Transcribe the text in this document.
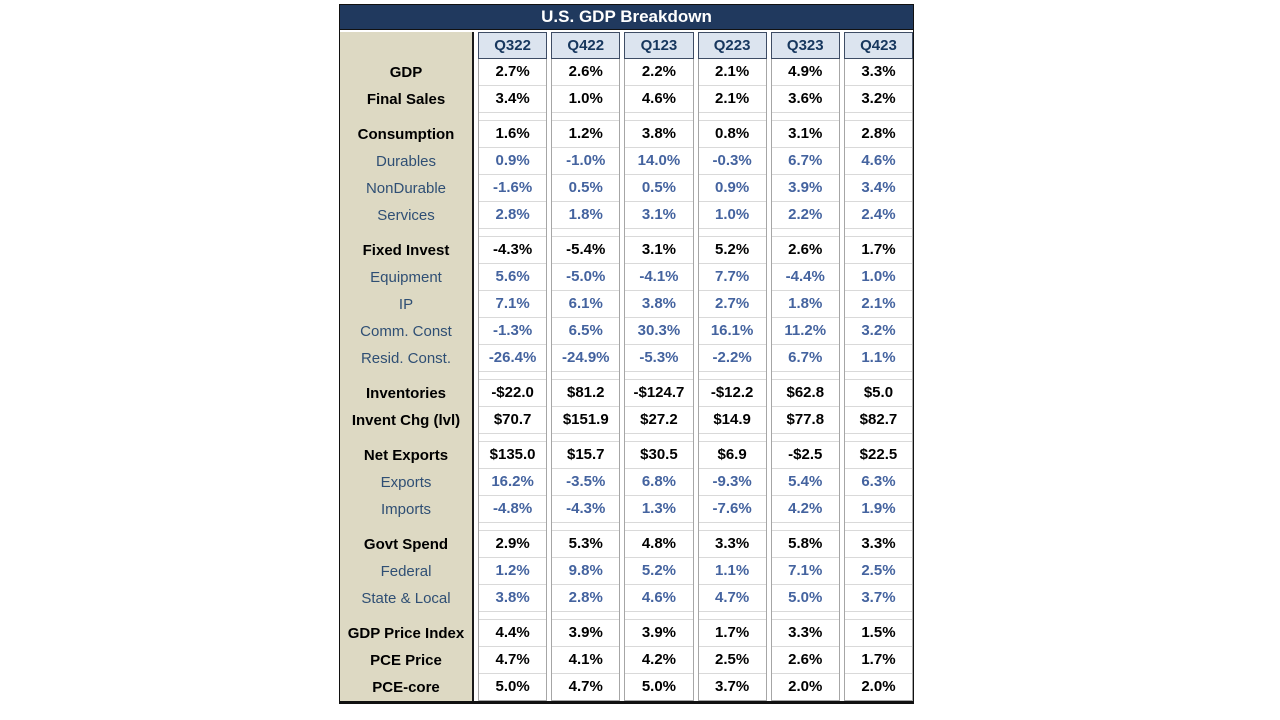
U.S. GDP Breakdown
GDP
Final Sales
Consumption
Durables
NonDurable
Services
Fixed Invest
Equipment
IP
Comm. Const
Resid. Const.
Inventories
Invent Chg (lvl)
Net Exports
Exports
Imports
Govt Spend
Federal
State & Local
GDP Price Index
PCE Price
PCE-core
Q322
2.7%
3.4%
1.6%
0.9%
-1.6%
2.8%
-4.3%
5.6%
7.1%
-1.3%
-26.4%
-$22.0
$70.7
$135.0
16.2%
-4.8%
2.9%
1.2%
3.8%
4.4%
4.7%
5.0%
Q422
2.6%
1.0%
1.2%
-1.0%
0.5%
1.8%
-5.4%
-5.0%
6.1%
6.5%
-24.9%
$81.2
$151.9
$15.7
-3.5%
-4.3%
5.3%
9.8%
2.8%
3.9%
4.1%
4.7%
Q123
2.2%
4.6%
3.8%
14.0%
0.5%
3.1%
3.1%
-4.1%
3.8%
30.3%
-5.3%
-$124.7
$27.2
$30.5
6.8%
1.3%
4.8%
5.2%
4.6%
3.9%
4.2%
5.0%
Q223
2.1%
2.1%
0.8%
-0.3%
0.9%
1.0%
5.2%
7.7%
2.7%
16.1%
-2.2%
-$12.2
$14.9
$6.9
-9.3%
-7.6%
3.3%
1.1%
4.7%
1.7%
2.5%
3.7%
Q323
4.9%
3.6%
3.1%
6.7%
3.9%
2.2%
2.6%
-4.4%
1.8%
11.2%
6.7%
$62.8
$77.8
-$2.5
5.4%
4.2%
5.8%
7.1%
5.0%
3.3%
2.6%
2.0%
Q423
3.3%
3.2%
2.8%
4.6%
3.4%
2.4%
1.7%
1.0%
2.1%
3.2%
1.1%
$5.0
$82.7
$22.5
6.3%
1.9%
3.3%
2.5%
3.7%
1.5%
1.7%
2.0%
